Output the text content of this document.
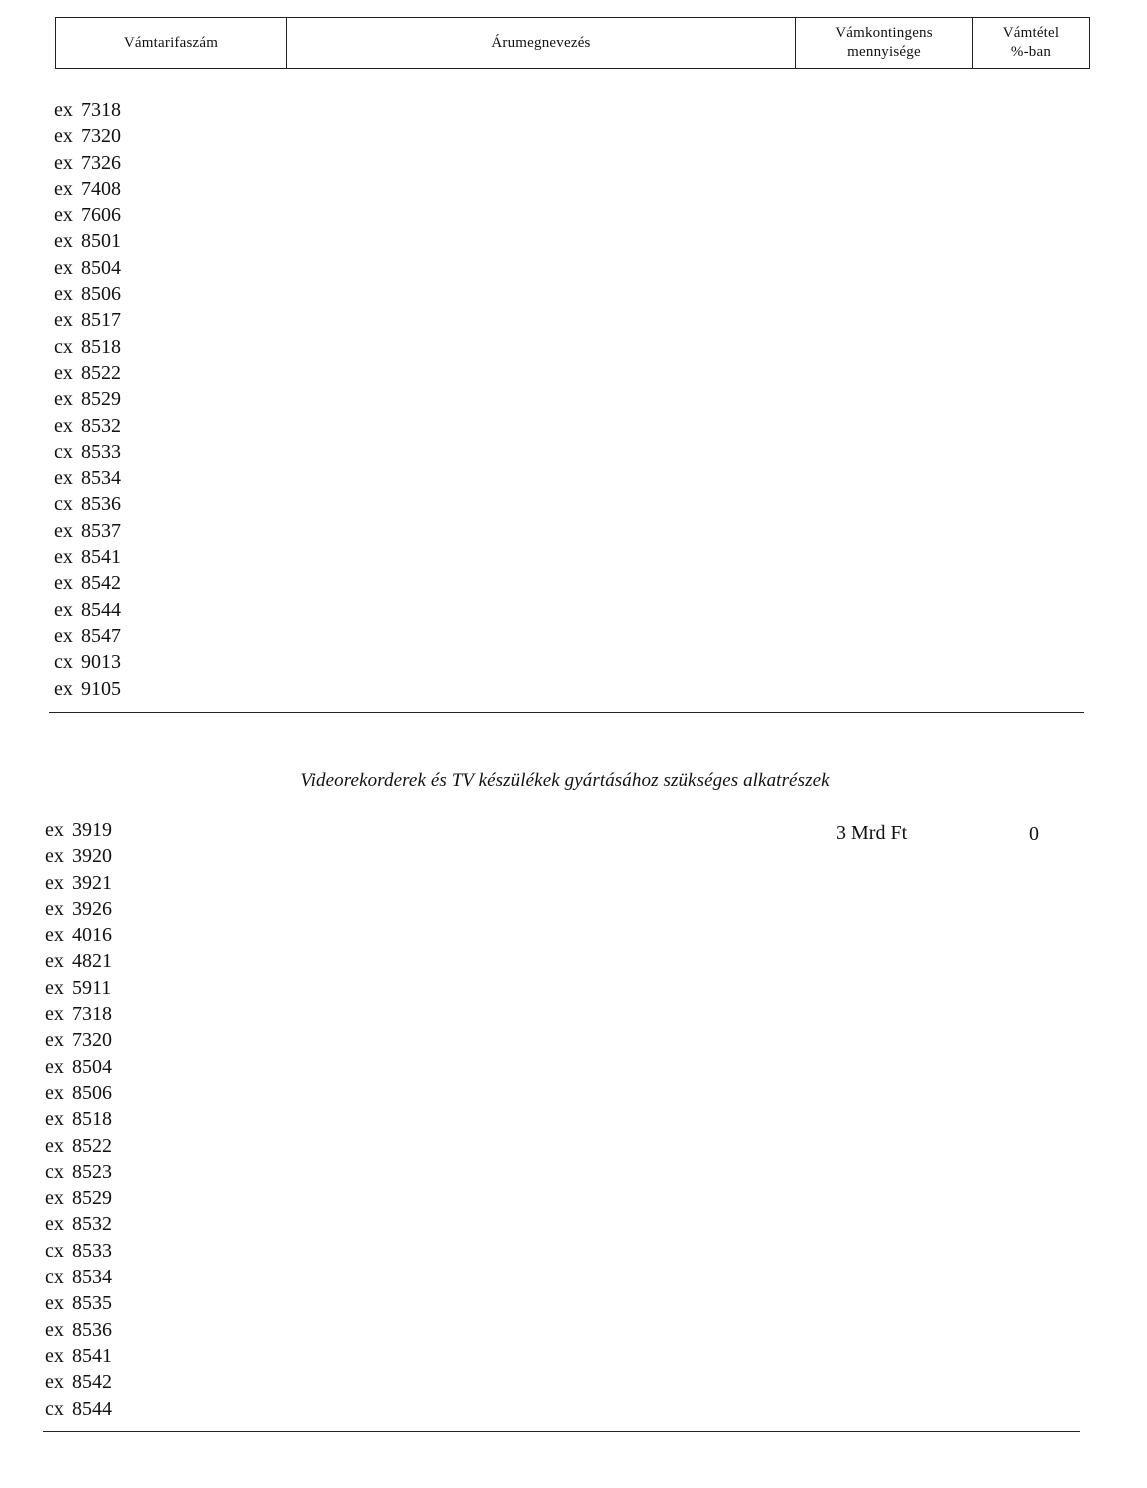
Vámtarifaszám	Árumegnevezés
Vámkontingens
mennyisége
Vámtétel
%-ban
ex 7318
ex 7320
ex 7326
ex 7408
ex 7606
ex 8501
ex 8504
ex 8506
ex 8517
cx 8518
ex 8522
ex 8529
ex 8532
cx 8533
ex 8534
cx 8536
ex 8537
ex 8541
ex 8542
ex 8544
ex 8547
cx 9013
ex 9105
Videorekorderek és TV készülékek gyártásához szükséges alkatrészek
3 Mrd Ft	0
ex 3919
ex 3920
ex 3921
ex 3926
ex 4016
ex 4821
ex 5911
ex 7318
ex 7320
ex 8504
ex 8506
ex 8518
ex 8522
cx 8523
ex 8529
ex 8532
cx 8533
cx 8534
ex 8535
ex 8536
ex 8541
ex 8542
cx 8544
